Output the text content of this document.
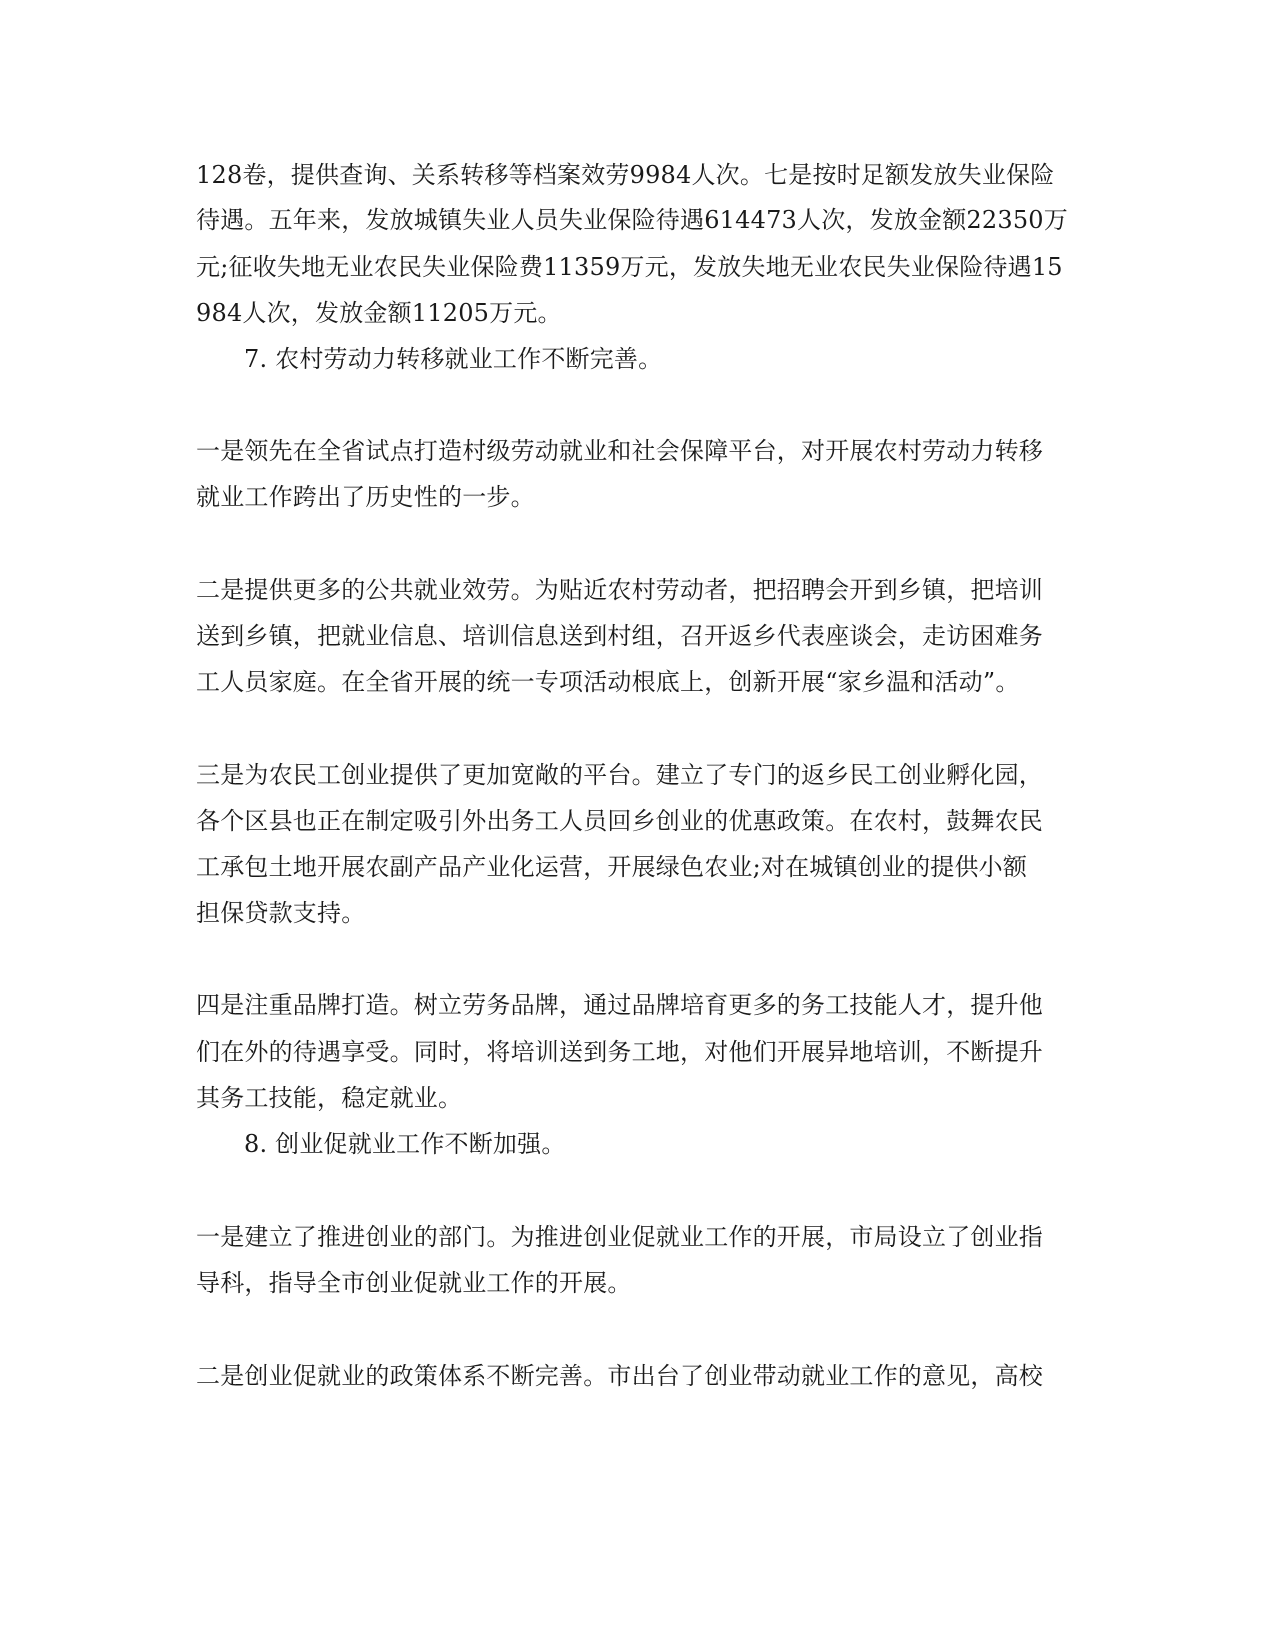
128卷，提供查询、关系转移等档案效劳9984人次。七是按时足额发放失业保险
待遇。五年来，发放城镇失业人员失业保险待遇614473人次，发放金额22350万
元;征收失地无业农民失业保险费11359万元，发放失地无业农民失业保险待遇15
984人次，发放金额11205万元。
7. 农村劳动力转移就业工作不断完善。
一是领先在全省试点打造村级劳动就业和社会保障平台，对开展农村劳动力转移
就业工作跨出了历史性的一步。
二是提供更多的公共就业效劳。为贴近农村劳动者，把招聘会开到乡镇，把培训
送到乡镇，把就业信息、培训信息送到村组，召开返乡代表座谈会，走访困难务
工人员家庭。在全省开展的统一专项活动根底上，创新开展“家乡温和活动”。
三是为农民工创业提供了更加宽敞的平台。建立了专门的返乡民工创业孵化园，
各个区县也正在制定吸引外出务工人员回乡创业的优惠政策。在农村，鼓舞农民
工承包土地开展农副产品产业化运营，开展绿色农业;对在城镇创业的提供小额
担保贷款支持。
四是注重品牌打造。树立劳务品牌，通过品牌培育更多的务工技能人才，提升他
们在外的待遇享受。同时，将培训送到务工地，对他们开展异地培训，不断提升
其务工技能，稳定就业。
8. 创业促就业工作不断加强。
一是建立了推进创业的部门。为推进创业促就业工作的开展，市局设立了创业指
导科，指导全市创业促就业工作的开展。
二是创业促就业的政策体系不断完善。市出台了创业带动就业工作的意见，高校
